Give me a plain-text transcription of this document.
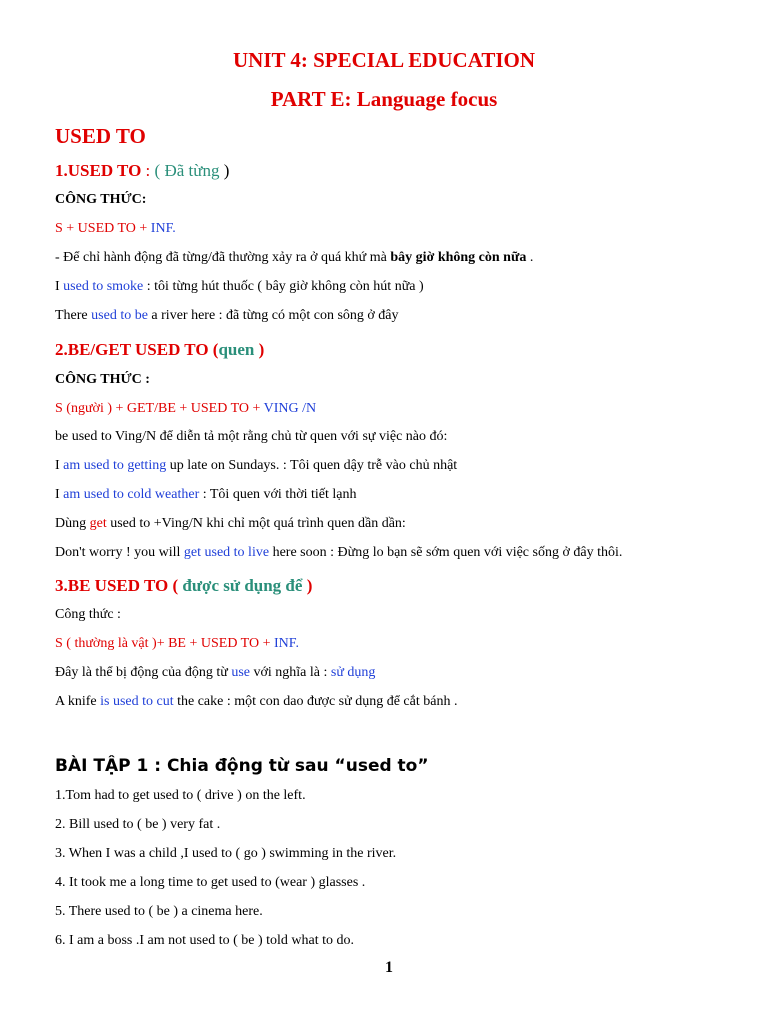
UNIT 4: SPECIAL EDUCATION
PART E: Language focus
USED TO
1.USED TO : ( Đã từng )
CÔNG THỨC:
S + USED TO + INF.
- Để chỉ hành động đã từng/đã thường xảy ra ở quá khứ mà bây giờ không còn nữa .
I used to smoke : tôi từng hút thuốc ( bây giờ không còn hút nữa )
There used to be a river here : đã từng có một con sông ở đây
2.BE/GET USED TO (quen )
CÔNG THỨC :
S (người ) + GET/BE + USED TO + VING /N
be used to Ving/N để diễn tả một rằng chủ từ quen với sự việc nào đó:
I am used to getting up late on Sundays. : Tôi quen dậy trễ vào chủ nhật
I am used to cold weather : Tôi quen với thời tiết lạnh
Dùng get used to +Ving/N khi chỉ một quá trình quen dần dần:
Don't worry ! you will get used to live here soon : Đừng lo bạn sẽ sớm quen với việc sống ở đây thôi.
3.BE USED TO ( được sử dụng để )
Công thức :
S ( thường là vật )+ BE + USED TO + INF.
Đây là thể bị động của động từ use với nghĩa là : sử dụng
A knife is used to cut the cake : một con dao được sử dụng để cắt bánh .
BÀI TẬP 1 : Chia động từ sau “used to”
1.Tom had to get used to ( drive ) on the left.
2. Bill used to ( be ) very fat .
3. When I was a child ,I used to ( go ) swimming in the river.
4. It took me a long time to get used to (wear ) glasses .
5. There used to ( be ) a cinema here.
6. I am a boss .I am not used to ( be ) told what to do.
1
